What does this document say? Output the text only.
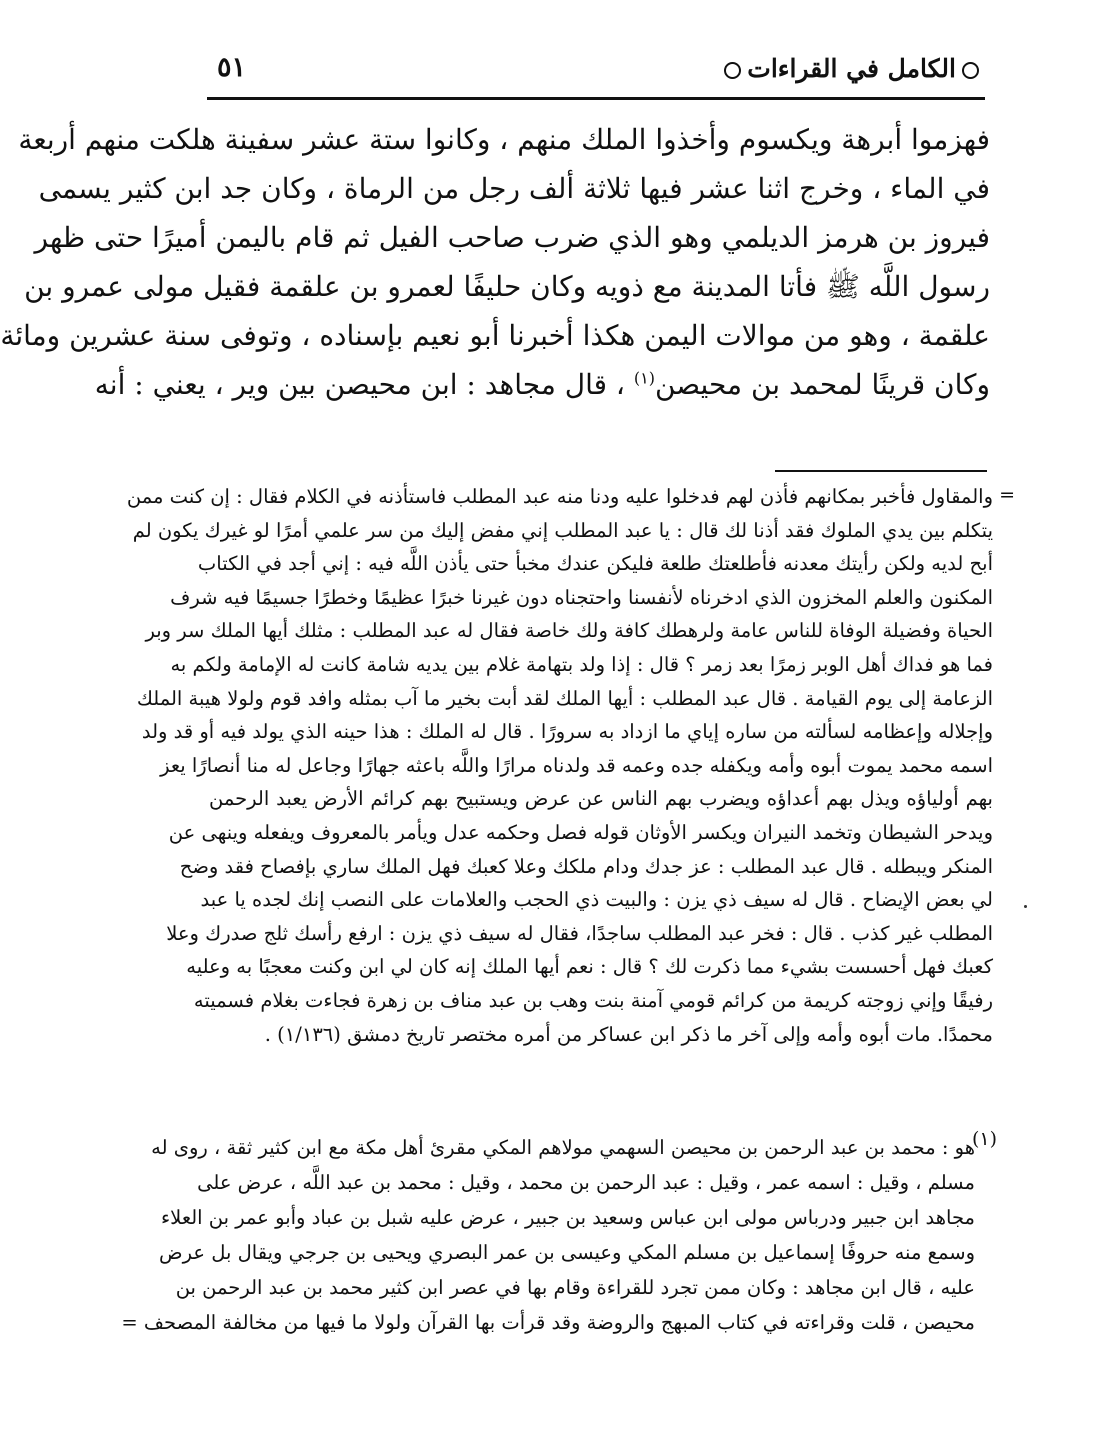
الكامل في القراءات
٥١
فهزموا أبرهة ويكسوم وأخذوا الملك منهم ، وكانوا ستة عشر سفينة هلكت منهم أربعة
في الماء ، وخرج اثنا عشر فيها ثلاثة ألف رجل من الرماة ، وكان جد ابن كثير يسمى
فيروز بن هرمز الديلمي وهو الذي ضرب صاحب الفيل ثم قام باليمن أميرًا حتى ظهر
رسول اللَّه ﷺ فأتا المدينة مع ذويه وكان حليفًا لعمرو بن علقمة فقيل مولى عمرو بن
علقمة ، وهو من موالات اليمن هكذا أخبرنا أبو نعيم بإسناده ، وتوفى سنة عشرين ومائة
وكان قرينًا لمحمد بن محيصن$^{(١)}$ ، قال مجاهد : ابن محيصن بين وير ، يعني : أنه
=
والمقاول فأخبر بمكانهم فأذن لهم فدخلوا عليه ودنا منه عبد المطلب فاستأذنه في الكلام فقال : إن كنت ممن
يتكلم بين يدي الملوك فقد أذنا لك قال : يا عبد المطلب إني مفض إليك من سر علمي أمرًا لو غيرك يكون لم
أبح لديه ولكن رأيتك معدنه فأطلعتك طلعة فليكن عندك مخبأ حتى يأذن اللَّه فيه : إني أجد في الكتاب
المكنون والعلم المخزون الذي ادخرناه لأنفسنا واحتجناه دون غيرنا خبرًا عظيمًا وخطرًا جسيمًا فيه شرف
الحياة وفضيلة الوفاة للناس عامة ولرهطك كافة ولك خاصة فقال له عبد المطلب : مثلك أيها الملك سر وبر
فما هو فداك أهل الوبر زمرًا بعد زمر ؟ قال : إذا ولد بتهامة غلام بين يديه شامة كانت له الإمامة ولكم به
الزعامة إلى يوم القيامة . قال عبد المطلب : أيها الملك لقد أبت بخير ما آب بمثله وافد قوم ولولا هيبة الملك
وإجلاله وإعظامه لسألته من ساره إياي ما ازداد به سرورًا . قال له الملك : هذا حينه الذي يولد فيه أو قد ولد
اسمه محمد يموت أبوه وأمه ويكفله جده وعمه قد ولدناه مرارًا واللَّه باعثه جهارًا وجاعل له منا أنصارًا يعز
بهم أولياؤه ويذل بهم أعداؤه ويضرب بهم الناس عن عرض ويستبيح بهم كرائم الأرض يعبد الرحمن
ويدحر الشيطان وتخمد النيران ويكسر الأوثان قوله فصل وحكمه عدل ويأمر بالمعروف ويفعله وينهى عن
المنكر ويبطله . قال عبد المطلب : عز جدك ودام ملكك وعلا كعبك فهل الملك ساري بإفصاح فقد وضح
لي بعض الإيضاح . قال له سيف ذي يزن : والبيت ذي الحجب والعلامات على النصب إنك لجده يا عبد
المطلب غير كذب . قال : فخر عبد المطلب ساجدًا، فقال له سيف ذي يزن : ارفع رأسك ثلج صدرك وعلا
كعبك فهل أحسست بشيء مما ذكرت لك ؟ قال : نعم أيها الملك إنه كان لي ابن وكنت معجبًا به وعليه
رفيقًا وإني زوجته كريمة من كرائم قومي آمنة بنت وهب بن عبد مناف بن زهرة فجاءت بغلام فسميته
محمدًا. مات أبوه وأمه وإلى آخر ما ذكر ابن عساكر من أمره مختصر تاريخ دمشق (١/١٣٦) .
(١)
هو : محمد بن عبد الرحمن بن محيصن السهمي مولاهم المكي مقرئ أهل مكة مع ابن كثير ثقة ، روى له
مسلم ، وقيل : اسمه عمر ، وقيل : عبد الرحمن بن محمد ، وقيل : محمد بن عبد اللَّه ، عرض على
مجاهد ابن جبير ودرباس مولى ابن عباس وسعيد بن جبير ، عرض عليه شبل بن عباد وأبو عمر بن العلاء
وسمع منه حروفًا إسماعيل بن مسلم المكي وعيسى بن عمر البصري ويحيى بن جرجي ويقال بل عرض
عليه ، قال ابن مجاهد : وكان ممن تجرد للقراءة وقام بها في عصر ابن كثير محمد بن عبد الرحمن بن
محيصن ، قلت وقراءته في كتاب المبهج والروضة وقد قرأت بها القرآن ولولا ما فيها من مخالفة المصحف =
